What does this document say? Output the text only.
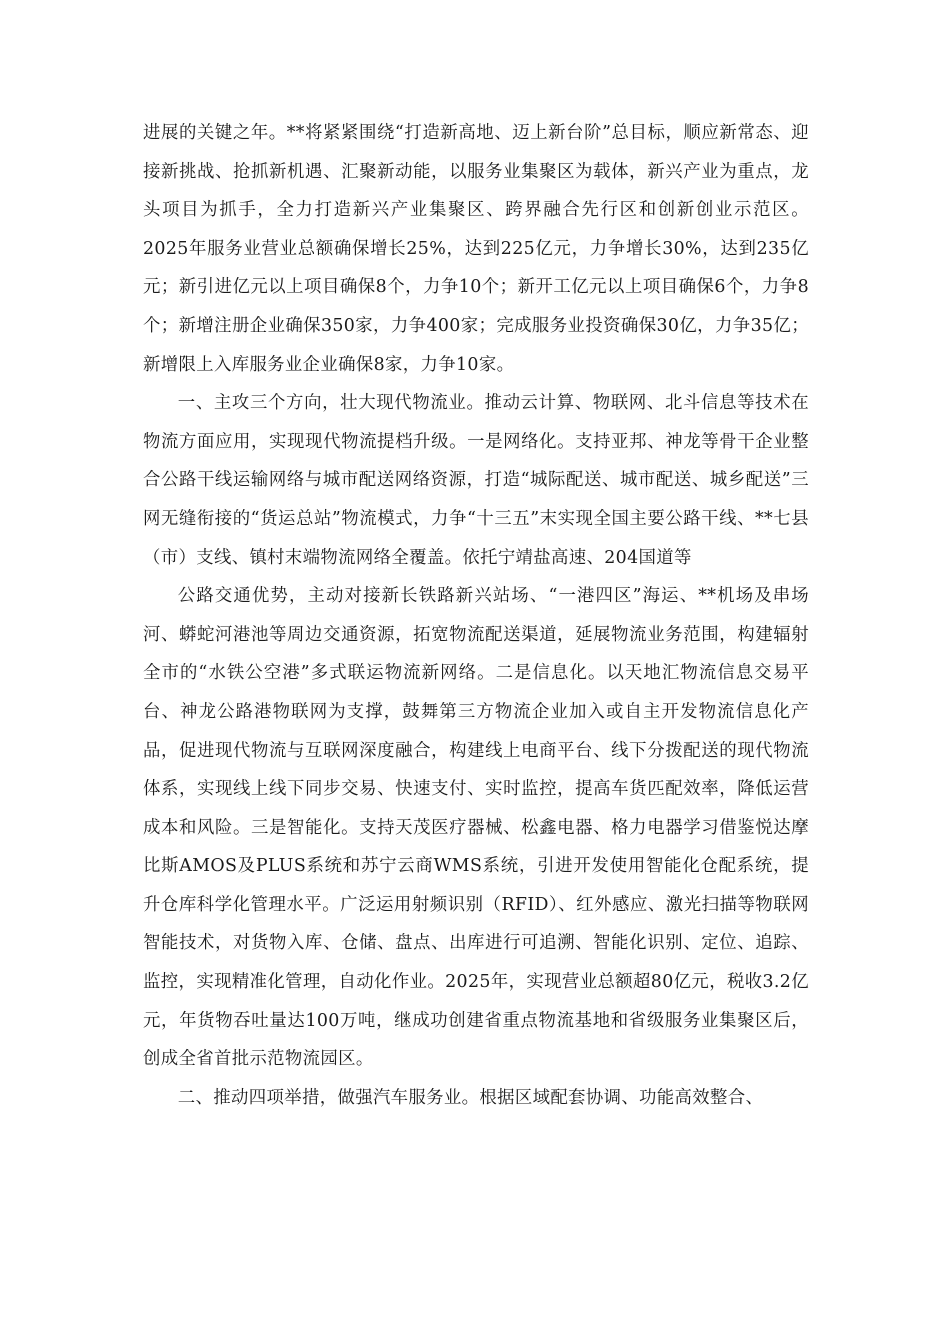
进展的关键之年。**将紧紧围绕“打造新高地、迈上新台阶”总目标，顺应新常态、迎接新挑战、抢抓新机遇、汇聚新动能，以服务业集聚区为载体，新兴产业为重点，龙头项目为抓手，全力打造新兴产业集聚区、跨界融合先行区和创新创业示范区。2025年服务业营业总额确保增长25%，达到225亿元，力争增长30%，达到235亿元；新引进亿元以上项目确保8个，力争10个；新开工亿元以上项目确保6个，力争8个；新增注册企业确保350家，力争400家；完成服务业投资确保30亿，力争35亿；新增限上入库服务业企业确保8家，力争10家。

一、主攻三个方向，壮大现代物流业。推动云计算、物联网、北斗信息等技术在物流方面应用，实现现代物流提档升级。一是网络化。支持亚邦、神龙等骨干企业整合公路干线运输网络与城市配送网络资源，打造“城际配送、城市配送、城乡配送”三网无缝衔接的“货运总站”物流模式，力争“十三五”末实现全国主要公路干线、**七县（市）支线、镇村末端物流网络全覆盖。依托宁靖盐高速、204国道等

公路交通优势，主动对接新长铁路新兴站场、“一港四区”海运、**机场及串场河、蟒蛇河港池等周边交通资源，拓宽物流配送渠道，延展物流业务范围，构建辐射全市的“水铁公空港”多式联运物流新网络。二是信息化。以天地汇物流信息交易平台、神龙公路港物联网为支撑，鼓舞第三方物流企业加入或自主开发物流信息化产品，促进现代物流与互联网深度融合，构建线上电商平台、线下分拨配送的现代物流体系，实现线上线下同步交易、快速支付、实时监控，提高车货匹配效率，降低运营成本和风险。三是智能化。支持天茂医疗器械、松鑫电器、格力电器学习借鉴悦达摩比斯AMOS及PLUS系统和苏宁云商WMS系统，引进开发使用智能化仓配系统，提升仓库科学化管理水平。广泛运用射频识别（RFID）、红外感应、激光扫描等物联网智能技术，对货物入库、仓储、盘点、出库进行可追溯、智能化识别、定位、追踪、监控，实现精准化管理，自动化作业。2025年，实现营业总额超80亿元，税收3.2亿元，年货物吞吐量达100万吨，继成功创建省重点物流基地和省级服务业集聚区后，创成全省首批示范物流园区。

二、推动四项举措，做强汽车服务业。根据区域配套协调、功能高效整合、
